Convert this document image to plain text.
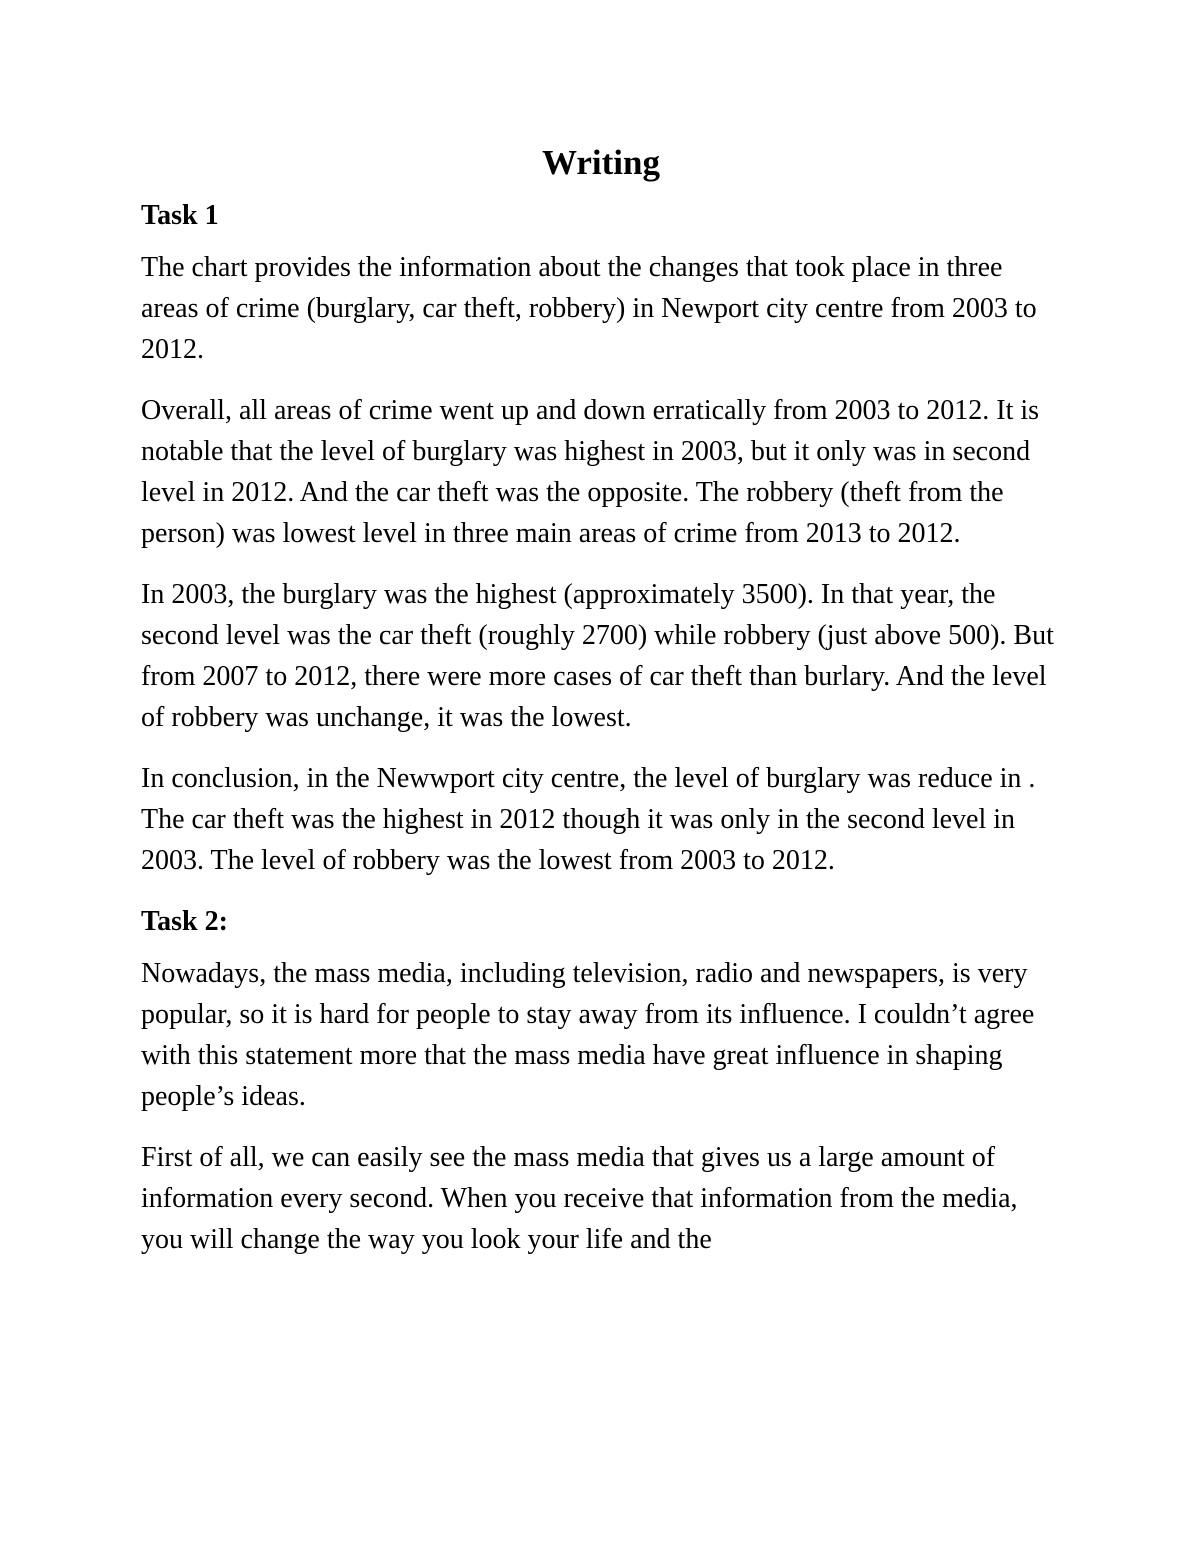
Writing
Task 1

The chart provides the information about the changes that took place in three areas of crime (burglary, car theft, robbery) in Newport city centre from 2003 to 2012.

Overall, all areas of crime went up and down erratically from 2003 to 2012. It is notable that the level of burglary was highest in 2003, but it only was in second level in 2012. And the car theft was the opposite. The robbery (theft from the person) was lowest level in three main areas of crime from 2013 to 2012.

In 2003, the burglary was the highest (approximately 3500). In that year, the second level was the car theft (roughly 2700) while robbery (just above 500). But from 2007 to 2012, there were more cases of car theft than burlary. And the level of robbery was unchange, it was the lowest.

In conclusion, in the Newwport city centre, the level of burglary was reduce in . The car theft was the highest in 2012 though it was only in the second level in 2003. The level of robbery was the lowest from 2003 to 2012.

Task 2:

Nowadays, the mass media, including television, radio and newspapers, is very popular, so it is hard for people to stay away from its influence. I couldn’t agree with this statement more that the mass media have great influence in shaping people’s ideas.

First of all, we can easily see the mass media that gives us a large amount of information every second. When you receive that information from the media, you will change the way you look your life and the
